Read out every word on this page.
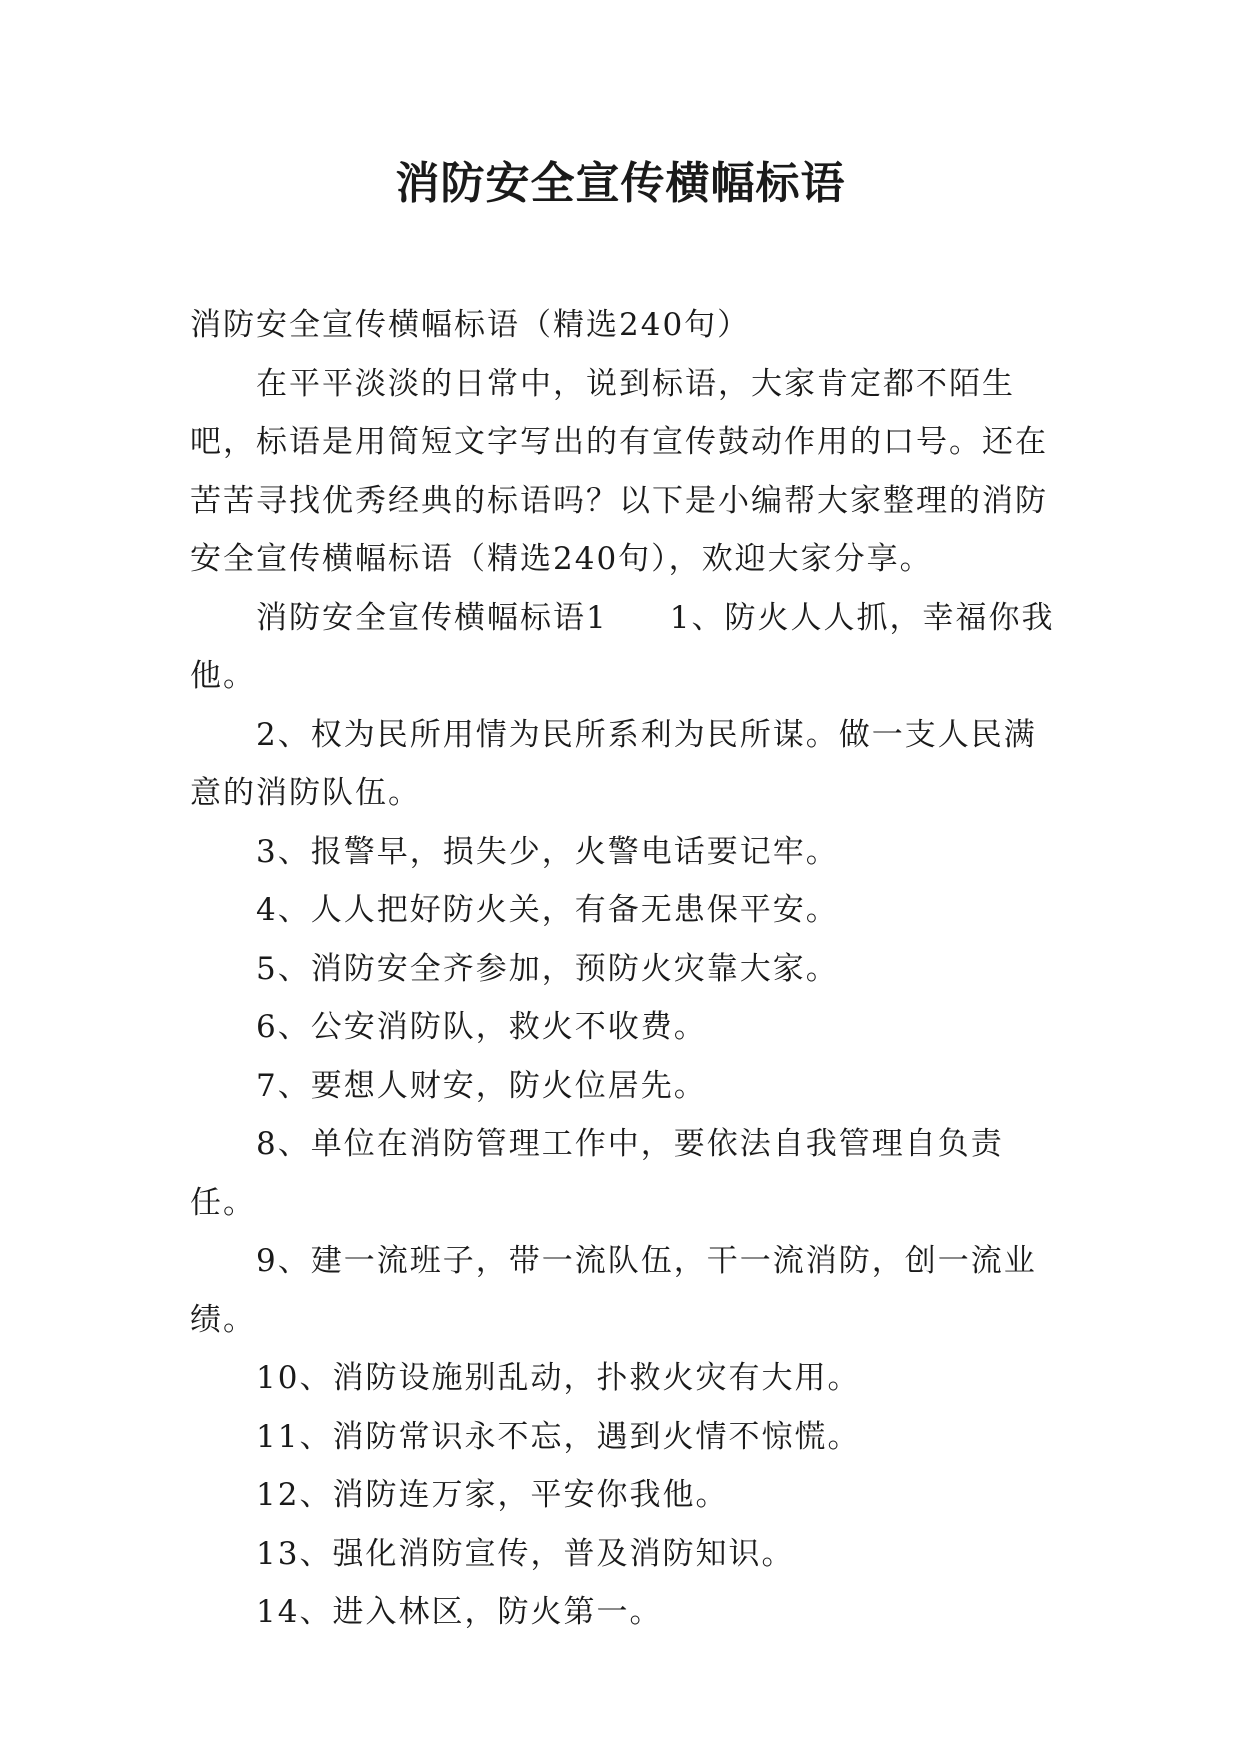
消防安全宣传横幅标语

消防安全宣传横幅标语（精选240句）

在平平淡淡的日常中，说到标语，大家肯定都不陌生吧，标语是用简短文字写出的有宣传鼓动作用的口号。还在苦苦寻找优秀经典的标语吗？以下是小编帮大家整理的消防安全宣传横幅标语（精选240句），欢迎大家分享。

消防安全宣传横幅标语1 1、防火人人抓，幸福你我他。

2、权为民所用情为民所系利为民所谋。做一支人民满意的消防队伍。

3、报警早，损失少，火警电话要记牢。

4、人人把好防火关，有备无患保平安。

5、消防安全齐参加，预防火灾靠大家。

6、公安消防队，救火不收费。

7、要想人财安，防火位居先。

8、单位在消防管理工作中，要依法自我管理自负责任。

9、建一流班子，带一流队伍，干一流消防，创一流业绩。

10、消防设施别乱动，扑救火灾有大用。

11、消防常识永不忘，遇到火情不惊慌。

12、消防连万家，平安你我他。

13、强化消防宣传，普及消防知识。

14、进入林区，防火第一。
